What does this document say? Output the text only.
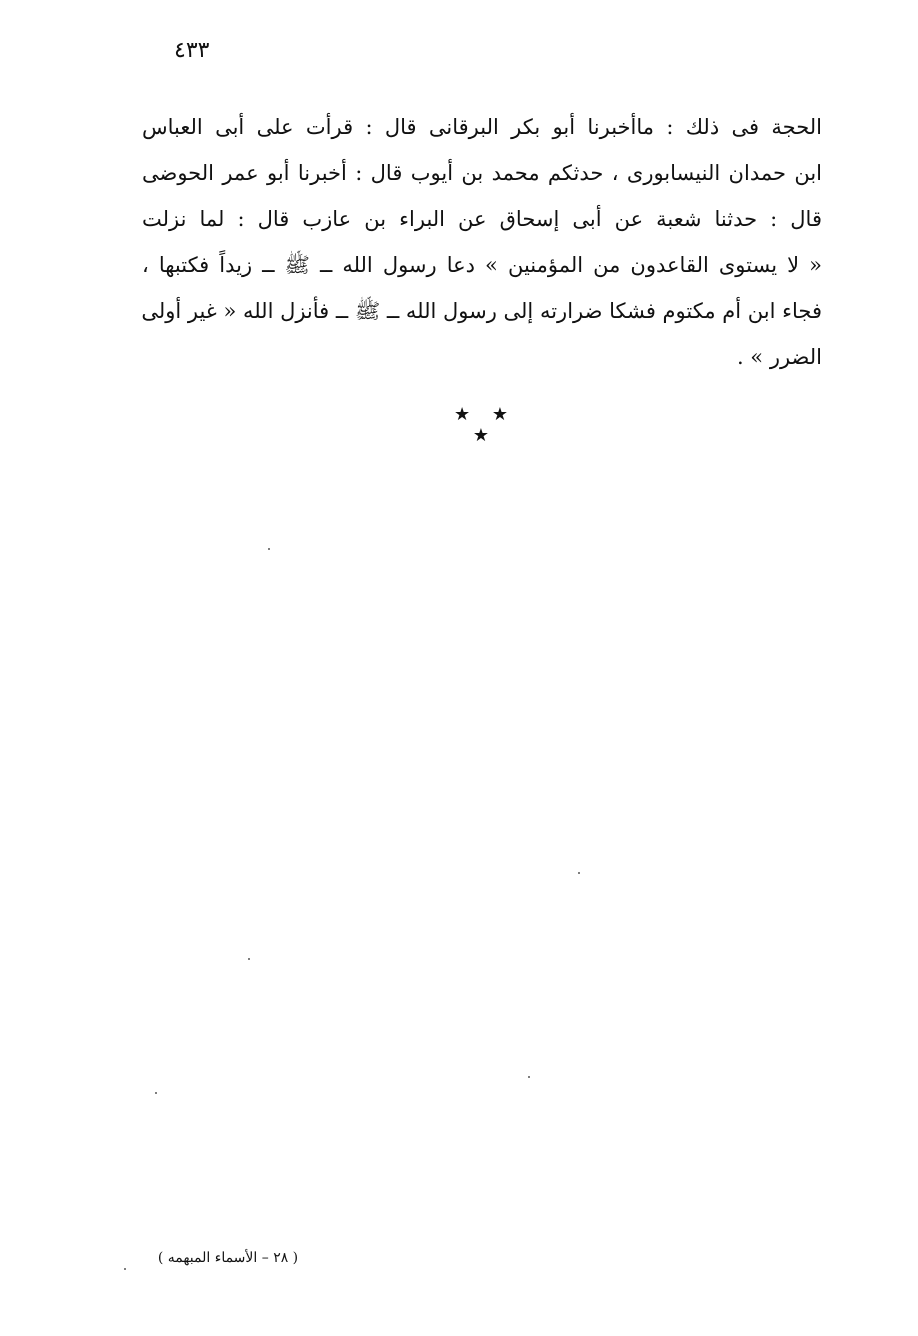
٤٣٣
الحجة فى ذلك : ماأخبرنا أبو بكر البرقانى قال : قرأت على أبى العباس
ابن حمدان النيسابورى ، حدثكم محمد بن أيوب قال : أخبرنا أبو عمر الحوضى
قال : حدثنا شعبة عن أبى إسحاق عن البراء بن عازب قال : لما نزلت
« لا يستوى القاعدون من المؤمنين » دعا رسول الله ــ ﷺ ــ زيداً فكتبها ،
فجاء ابن أم مكتوم فشكا ضرارته إلى رسول الله ــ ﷺ ــ فأنزل الله « غير أولى
الضرر » .
★ ★ ★
( ٢٨ – الأسماء المبهمه )
